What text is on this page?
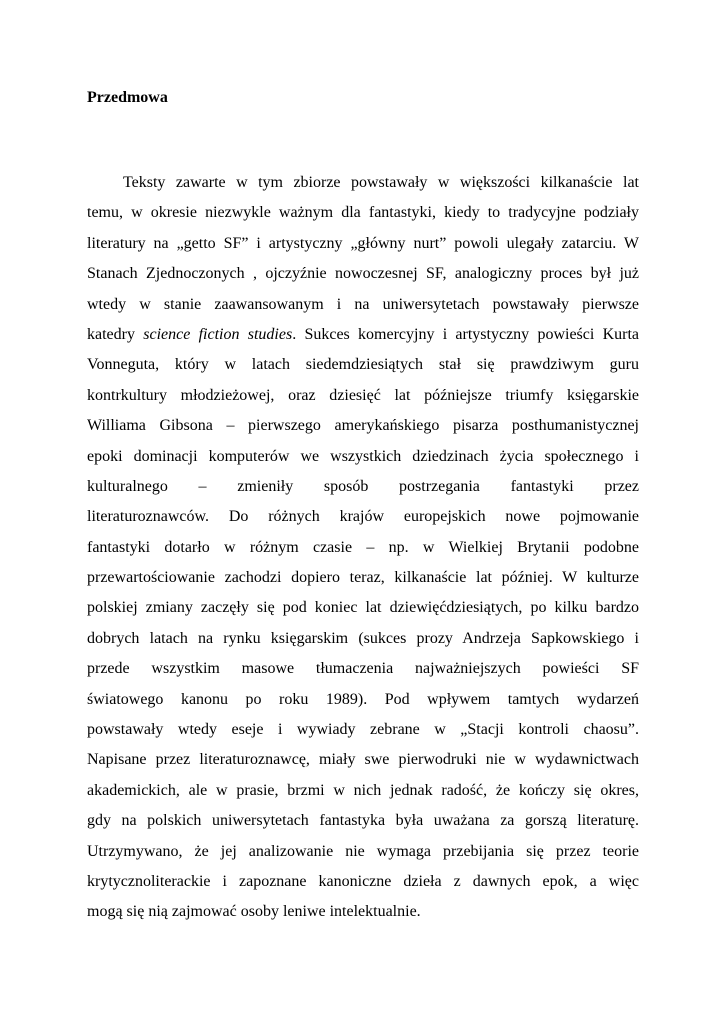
Przedmowa
Teksty zawarte w tym zbiorze powstawały w większości kilkanaście lat
temu, w okresie niezwykle ważnym dla fantastyki, kiedy to tradycyjne podziały
literatury na „getto SF” i artystyczny „główny nurt” powoli ulegały zatarciu. W
Stanach Zjednoczonych , ojczyźnie nowoczesnej SF, analogiczny proces był już
wtedy w stanie zaawansowanym i na uniwersytetach powstawały pierwsze
katedry science fiction studies. Sukces komercyjny i artystyczny powieści Kurta
Vonneguta, który w latach siedemdziesiątych stał się prawdziwym guru
kontrkultury młodzieżowej, oraz dziesięć lat późniejsze triumfy księgarskie
Williama Gibsona – pierwszego amerykańskiego pisarza posthumanistycznej
epoki dominacji komputerów we wszystkich dziedzinach życia społecznego i
kulturalnego – zmieniły sposób postrzegania fantastyki przez
literaturoznawców. Do różnych krajów europejskich nowe pojmowanie
fantastyki dotarło w różnym czasie – np. w Wielkiej Brytanii podobne
przewartościowanie zachodzi dopiero teraz, kilkanaście lat później. W kulturze
polskiej zmiany zaczęły się pod koniec lat dziewięćdziesiątych, po kilku bardzo
dobrych latach na rynku księgarskim (sukces prozy Andrzeja Sapkowskiego i
przede wszystkim masowe tłumaczenia najważniejszych powieści SF
światowego kanonu po roku 1989). Pod wpływem tamtych wydarzeń
powstawały wtedy eseje i wywiady zebrane w „Stacji kontroli chaosu”.
Napisane przez literaturoznawcę, miały swe pierwodruki nie w wydawnictwach
akademickich, ale w prasie, brzmi w nich jednak radość, że kończy się okres,
gdy na polskich uniwersytetach fantastyka była uważana za gorszą literaturę.
Utrzymywano, że jej analizowanie nie wymaga przebijania się przez teorie
krytycznoliterackie i zapoznane kanoniczne dzieła z dawnych epok, a więc
mogą się nią zajmować osoby leniwe intelektualnie.
